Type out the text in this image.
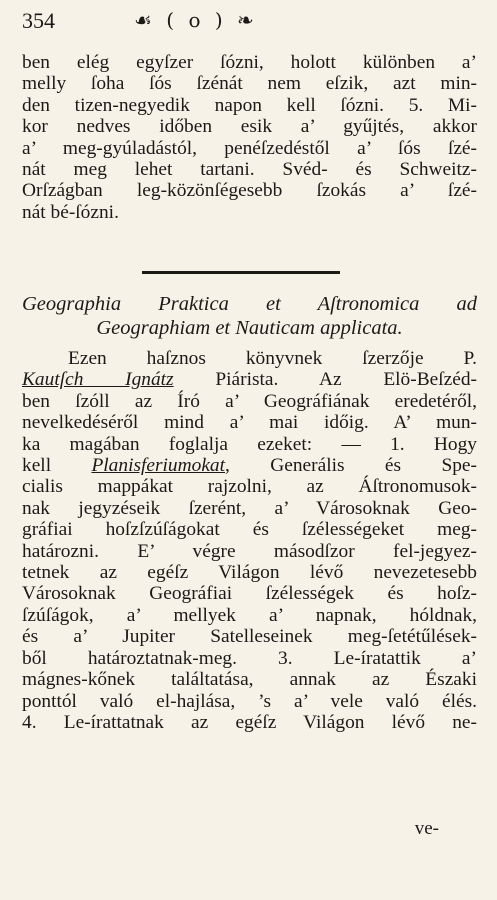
354	☙ ( o ) ❧
ben elég egyſzer ſózni, holott különben a’
melly ſoha ſós ſzénát nem eſzik, azt min-
den tizen-negyedik napon kell ſózni. 5. Mi-
kor nedves időben esik a’ gyűjtés, akkor
a’ meg-gyúladástól, penéſzedéstől a’ ſós ſzé-
nát meg lehet tartani. Svéd- és Schweitz-
Orſzágban leg-közönſégesebb ſzokás a’ ſzé-
nát bé-ſózni.
Geographia Praktica et Aſtronomica ad
Geographiam et Nauticam applicata.
Ezen haſznos könyvnek ſzerzője P.
Kautſch Ignátz Piárista. Az Elö-Beſzéd-
ben ſzóll az Író a’ Geográfiának eredetéről,
nevelkedéséről mind a’ mai időig. A’ mun-
ka magában foglalja ezeket: — 1. Hogy
kell Planisferiumokat, Generális és Spe-
cialis mappákat rajzolni, az Áſtronomusok-
nak jegyzéseik ſzerént, a’ Városoknak Geo-
gráfiai hoſzſzúſágokat és ſzélességeket meg-
határozni. E’ végre másodſzor fel-jegyez-
tetnek az egéſz Világon lévő nevezetesebb
Városoknak Geográfiai ſzélességek és hoſz-
ſzúſágok, a’ mellyek a’ napnak, hóldnak,
és a’ Jupiter Satelleseinek meg-ſetétűlések-
ből határoztatnak-meg. 3. Le-íratattik a’
mágnes-kőnek találtatása, annak az Északi
ponttól való el-hajlása, ’s a’ vele való élés.
4. Le-írattatnak az egéſz Világon lévő ne-
ve-
